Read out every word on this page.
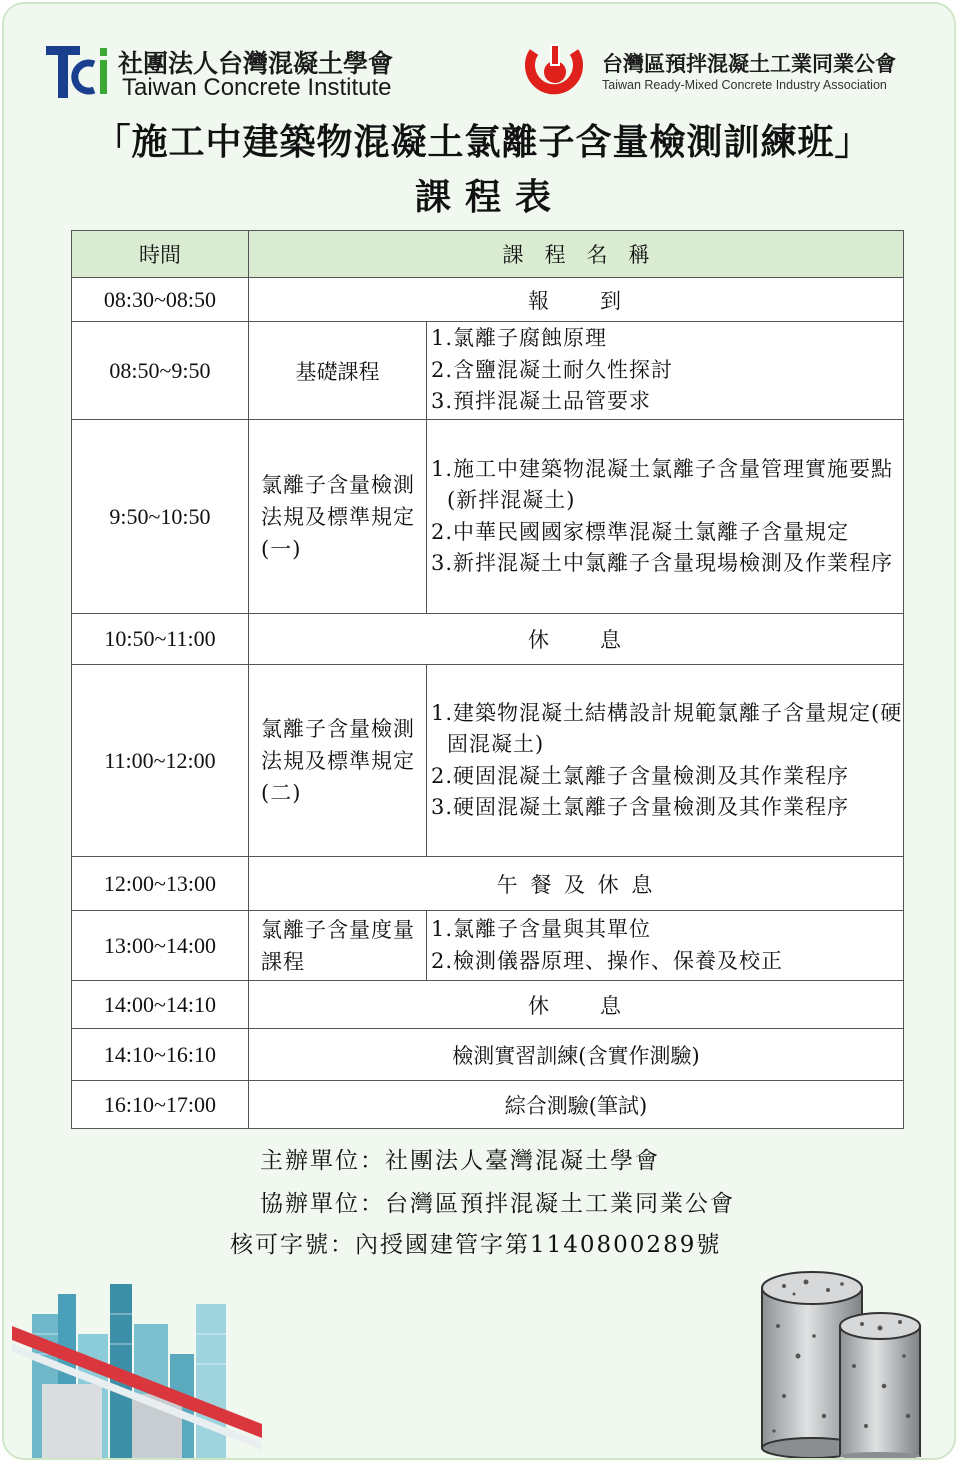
社團法人台灣混凝土學會
Taiwan Concrete Institute
台灣區預拌混凝土工業同業公會
Taiwan Ready-Mixed Concrete Industry Association
「施工中建築物混凝土氯離子含量檢測訓練班」
課程表
時間	課　程　名　稱	
08:30~08:50	報　　到	
08:50~9:50	基礎課程	1.氯離子腐蝕原理
2.含鹽混凝土耐久性探討
3.預拌混凝土品管要求

9:50~10:50	氯離子含量檢測法規及標準規定(一)	1.施工中建築物混凝土氯離子含量管理實施要點(新拌混凝土)
2.中華民國國家標準混凝土氯離子含量規定
3.新拌混凝土中氯離子含量現場檢測及作業程序

10:50~11:00	休　　息	
11:00~12:00	氯離子含量檢測法規及標準規定(二)	1.建築物混凝土結構設計規範氯離子含量規定(硬固混凝土)
2.硬固混凝土氯離子含量檢測及其作業程序
3.硬固混凝土氯離子含量檢測及其作業程序

12:00~13:00	午 餐 及 休 息	
13:00~14:00	氯離子含量度量課程	1.氯離子含量與其單位
2.檢測儀器原理、操作、保養及校正

14:00~14:10	休　　息	
14:10~16:10	檢測實習訓練(含實作測驗)	
16:10~17:00	綜合測驗(筆試)	
主辦單位：社團法人臺灣混凝土學會
協辦單位：台灣區預拌混凝土工業同業公會
核可字號：內授國建管字第1140800289號
